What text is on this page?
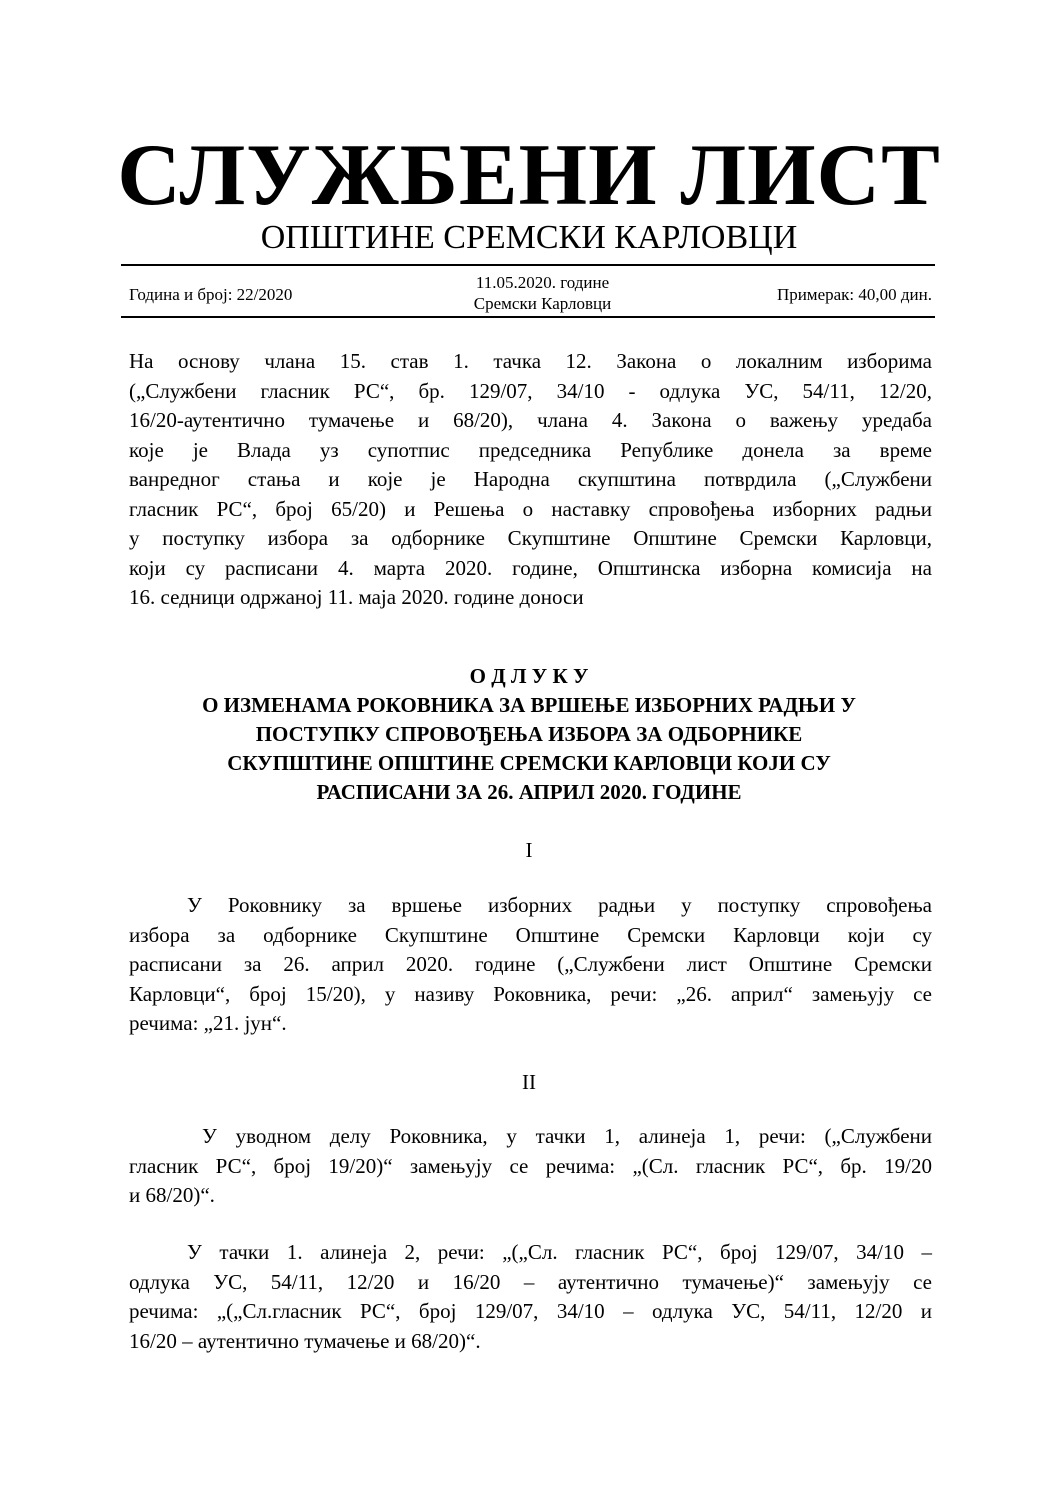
СЛУЖБЕНИ ЛИСТ
ОПШТИНЕ СРЕМСКИ КАРЛОВЦИ
Година и број: 22/2020
11.05.2020. године
Сремски Карловци	Примерак: 40,00 дин.
На основу члана 15. став 1. тачка 12. Закона о локалним изборима
(„Службени гласник РС“, бр. 129/07, 34/10 - одлука УС, 54/11, 12/20,
16/20-аутентично тумачење и 68/20), члана 4. Закона о важењу уредаба
које је Влада уз супотпис председника Републике донела за време
ванредног стања и које је Народна скупштина потврдила („Службени
гласник РС“, број 65/20) и Решења о наставку спровођења изборних радњи
у поступку избора за одборнике Скупштине Општине Сремски Карловци,
који су расписани 4. марта 2020. године, Општинска изборна комисија на
16. седници одржаној 11. маја 2020. године доноси
О Д Л У К У
О ИЗМЕНАМА РОКОВНИКА ЗА ВРШЕЊЕ ИЗБОРНИХ РАДЊИ У
ПОСТУПКУ СПРОВОЂЕЊА ИЗБОРА ЗА ОДБОРНИКЕ
СКУПШТИНЕ ОПШТИНЕ СРЕМСКИ КАРЛОВЦИ КОЈИ СУ
РАСПИСАНИ ЗА 26. АПРИЛ 2020. ГОДИНЕ
I
У Роковнику за вршење изборних радњи у поступку спровођења
избора за одборнике Скупштине Општине Сремски Карловци који су
расписани за 26. април 2020. године („Службени лист Општине Сремски
Карловци“, број 15/20), у називу Роковника, речи: „26. април“ замењују се
речима: „21. јун“.
II
У уводном делу Роковника, у тачки 1, алинеја 1, речи: („Службени
гласник РС“, број 19/20)“ замењују се речима: „(Сл. гласник РС“, бр. 19/20
и 68/20)“.
У тачки 1. алинеја 2, речи: „(„Сл. гласник РС“, број 129/07, 34/10 –
одлука УС, 54/11, 12/20 и 16/20 – аутентично тумачење)“ замењују се
речима: „(„Сл.гласник РС“, број 129/07, 34/10 – одлука УС, 54/11, 12/20 и
16/20 – аутентично тумачење и 68/20)“.
